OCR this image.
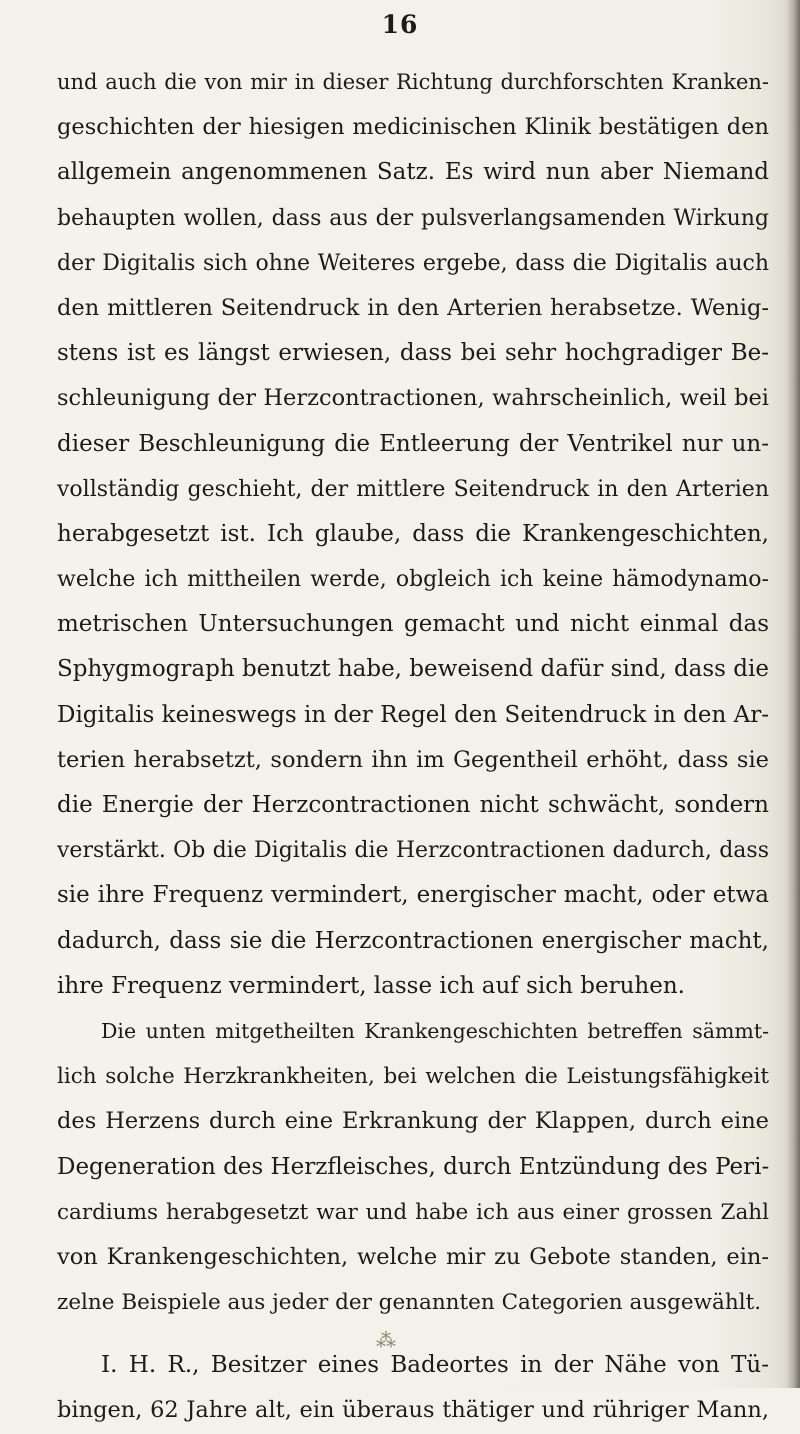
16
und auch die von mir in dieser Richtung durchforschten Kranken-
geschichten der hiesigen medicinischen Klinik bestätigen den
allgemein angenommenen Satz. Es wird nun aber Niemand
behaupten wollen, dass aus der pulsverlangsamenden Wirkung
der Digitalis sich ohne Weiteres ergebe, dass die Digitalis auch
den mittleren Seitendruck in den Arterien herabsetze. Wenig-
stens ist es längst erwiesen, dass bei sehr hochgradiger Be-
schleunigung der Herzcontractionen, wahrscheinlich, weil bei
dieser Beschleunigung die Entleerung der Ventrikel nur un-
vollständig geschieht, der mittlere Seitendruck in den Arterien
herabgesetzt ist. Ich glaube, dass die Krankengeschichten,
welche ich mittheilen werde, obgleich ich keine hämodynamo-
metrischen Untersuchungen gemacht und nicht einmal das
Sphygmograph benutzt habe, beweisend dafür sind, dass die
Digitalis keineswegs in der Regel den Seitendruck in den Ar-
terien herabsetzt, sondern ihn im Gegentheil erhöht, dass sie
die Energie der Herzcontractionen nicht schwächt, sondern
verstärkt. Ob die Digitalis die Herzcontractionen dadurch, dass
sie ihre Frequenz vermindert, energischer macht, oder etwa
dadurch, dass sie die Herzcontractionen energischer macht,
ihre Frequenz vermindert, lasse ich auf sich beruhen.
Die unten mitgetheilten Krankengeschichten betreffen sämmt-
lich solche Herzkrankheiten, bei welchen die Leistungsfähigkeit
des Herzens durch eine Erkrankung der Klappen, durch eine
Degeneration des Herzfleisches, durch Entzündung des Peri-
cardiums herabgesetzt war und habe ich aus einer grossen Zahl
von Krankengeschichten, welche mir zu Gebote standen, ein-
zelne Beispiele aus jeder der genannten Categorien ausgewählt.
I. H. R., Besitzer eines Badeortes in der Nähe von Tü-
bingen, 62 Jahre alt, ein überaus thätiger und rühriger Mann,
⁂
